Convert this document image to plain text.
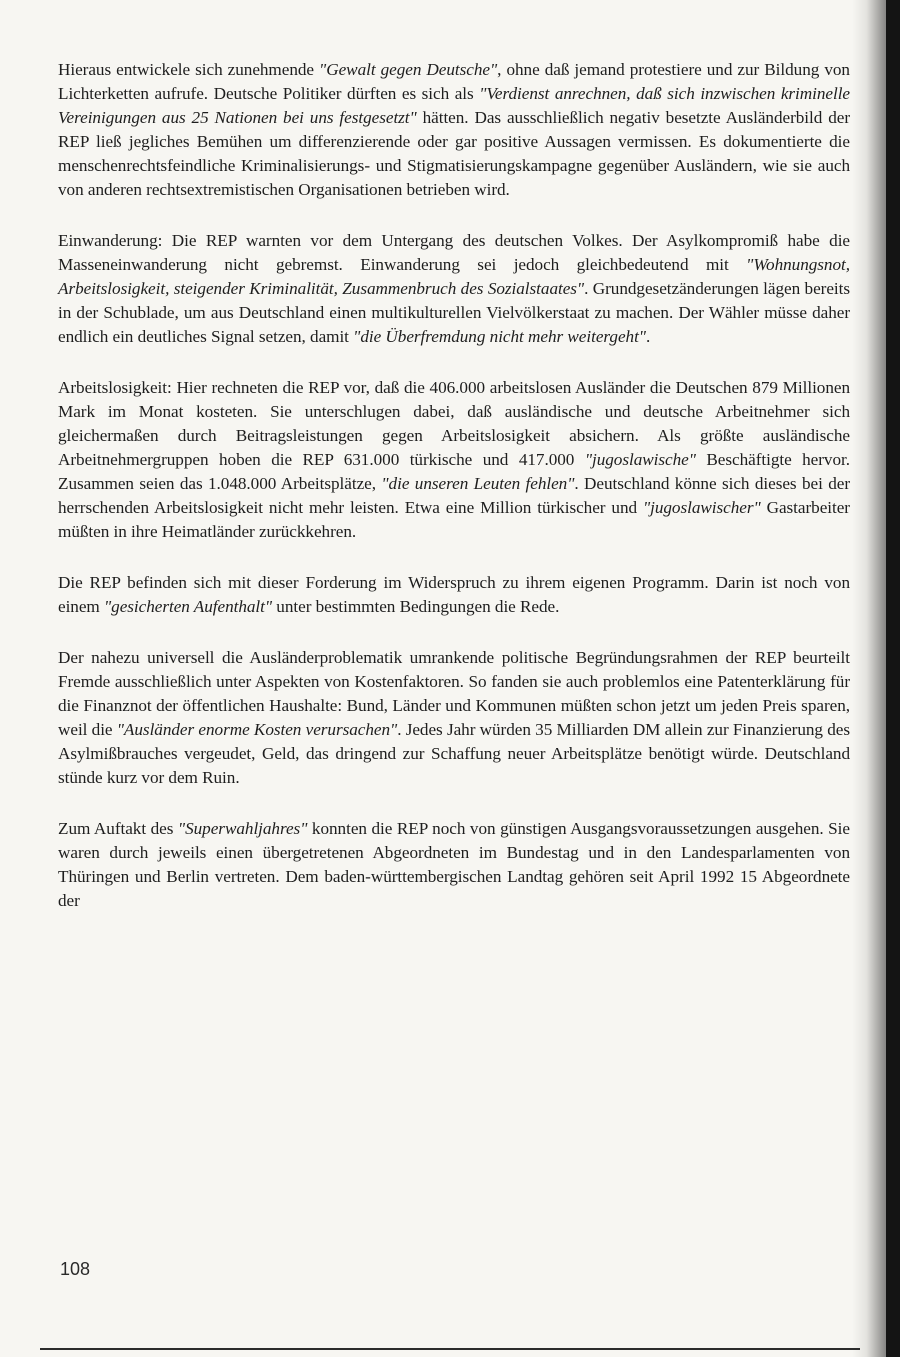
Hieraus entwickele sich zunehmende "Gewalt gegen Deutsche", ohne daß jemand protestiere und zur Bildung von Lichterketten aufrufe. Deutsche Politiker dürften es sich als "Verdienst anrechnen, daß sich inzwischen kriminelle Vereinigungen aus 25 Nationen bei uns festgesetzt" hätten. Das ausschließlich negativ besetzte Ausländerbild der REP ließ jegliches Bemühen um differenzierende oder gar positive Aussagen vermissen. Es dokumentierte die menschenrechtsfeindliche Kriminalisierungs- und Stigmatisierungskampagne gegenüber Ausländern, wie sie auch von anderen rechtsextremistischen Organisationen betrieben wird.

Einwanderung: Die REP warnten vor dem Untergang des deutschen Volkes. Der Asylkompromiß habe die Masseneinwanderung nicht gebremst. Einwanderung sei jedoch gleichbedeutend mit "Wohnungsnot, Arbeitslosigkeit, steigender Kriminalität, Zusammenbruch des Sozialstaates". Grundgesetzänderungen lägen bereits in der Schublade, um aus Deutschland einen multikulturellen Vielvölkerstaat zu machen. Der Wähler müsse daher endlich ein deutliches Signal setzen, damit "die Überfremdung nicht mehr weitergeht".

Arbeitslosigkeit: Hier rechneten die REP vor, daß die 406.000 arbeitslosen Ausländer die Deutschen 879 Millionen Mark im Monat kosteten. Sie unterschlugen dabei, daß ausländische und deutsche Arbeitnehmer sich gleichermaßen durch Beitragsleistungen gegen Arbeitslosigkeit absichern. Als größte ausländische Arbeitnehmergruppen hoben die REP 631.000 türkische und 417.000 "jugoslawische" Beschäftigte hervor. Zusammen seien das 1.048.000 Arbeitsplätze, "die unseren Leuten fehlen". Deutschland könne sich dieses bei der herrschenden Arbeitslosigkeit nicht mehr leisten. Etwa eine Million türkischer und "jugoslawischer" Gastarbeiter müßten in ihre Heimatländer zurückkehren.

Die REP befinden sich mit dieser Forderung im Widerspruch zu ihrem eigenen Programm. Darin ist noch von einem "gesicherten Aufenthalt" unter bestimmten Bedingungen die Rede.

Der nahezu universell die Ausländerproblematik umrankende politische Begründungsrahmen der REP beurteilt Fremde ausschließlich unter Aspekten von Kostenfaktoren. So fanden sie auch problemlos eine Patenterklärung für die Finanznot der öffentlichen Haushalte: Bund, Länder und Kommunen müßten schon jetzt um jeden Preis sparen, weil die "Ausländer enorme Kosten verursachen". Jedes Jahr würden 35 Milliarden DM allein zur Finanzierung des Asylmißbrauches vergeudet, Geld, das dringend zur Schaffung neuer Arbeitsplätze benötigt würde. Deutschland stünde kurz vor dem Ruin.

Zum Auftakt des "Superwahljahres" konnten die REP noch von günstigen Ausgangsvoraussetzungen ausgehen. Sie waren durch jeweils einen übergetretenen Abgeordneten im Bundestag und in den Landesparlamenten von Thüringen und Berlin vertreten. Dem baden-württembergischen Landtag gehören seit April 1992 15 Abgeordnete der

108
